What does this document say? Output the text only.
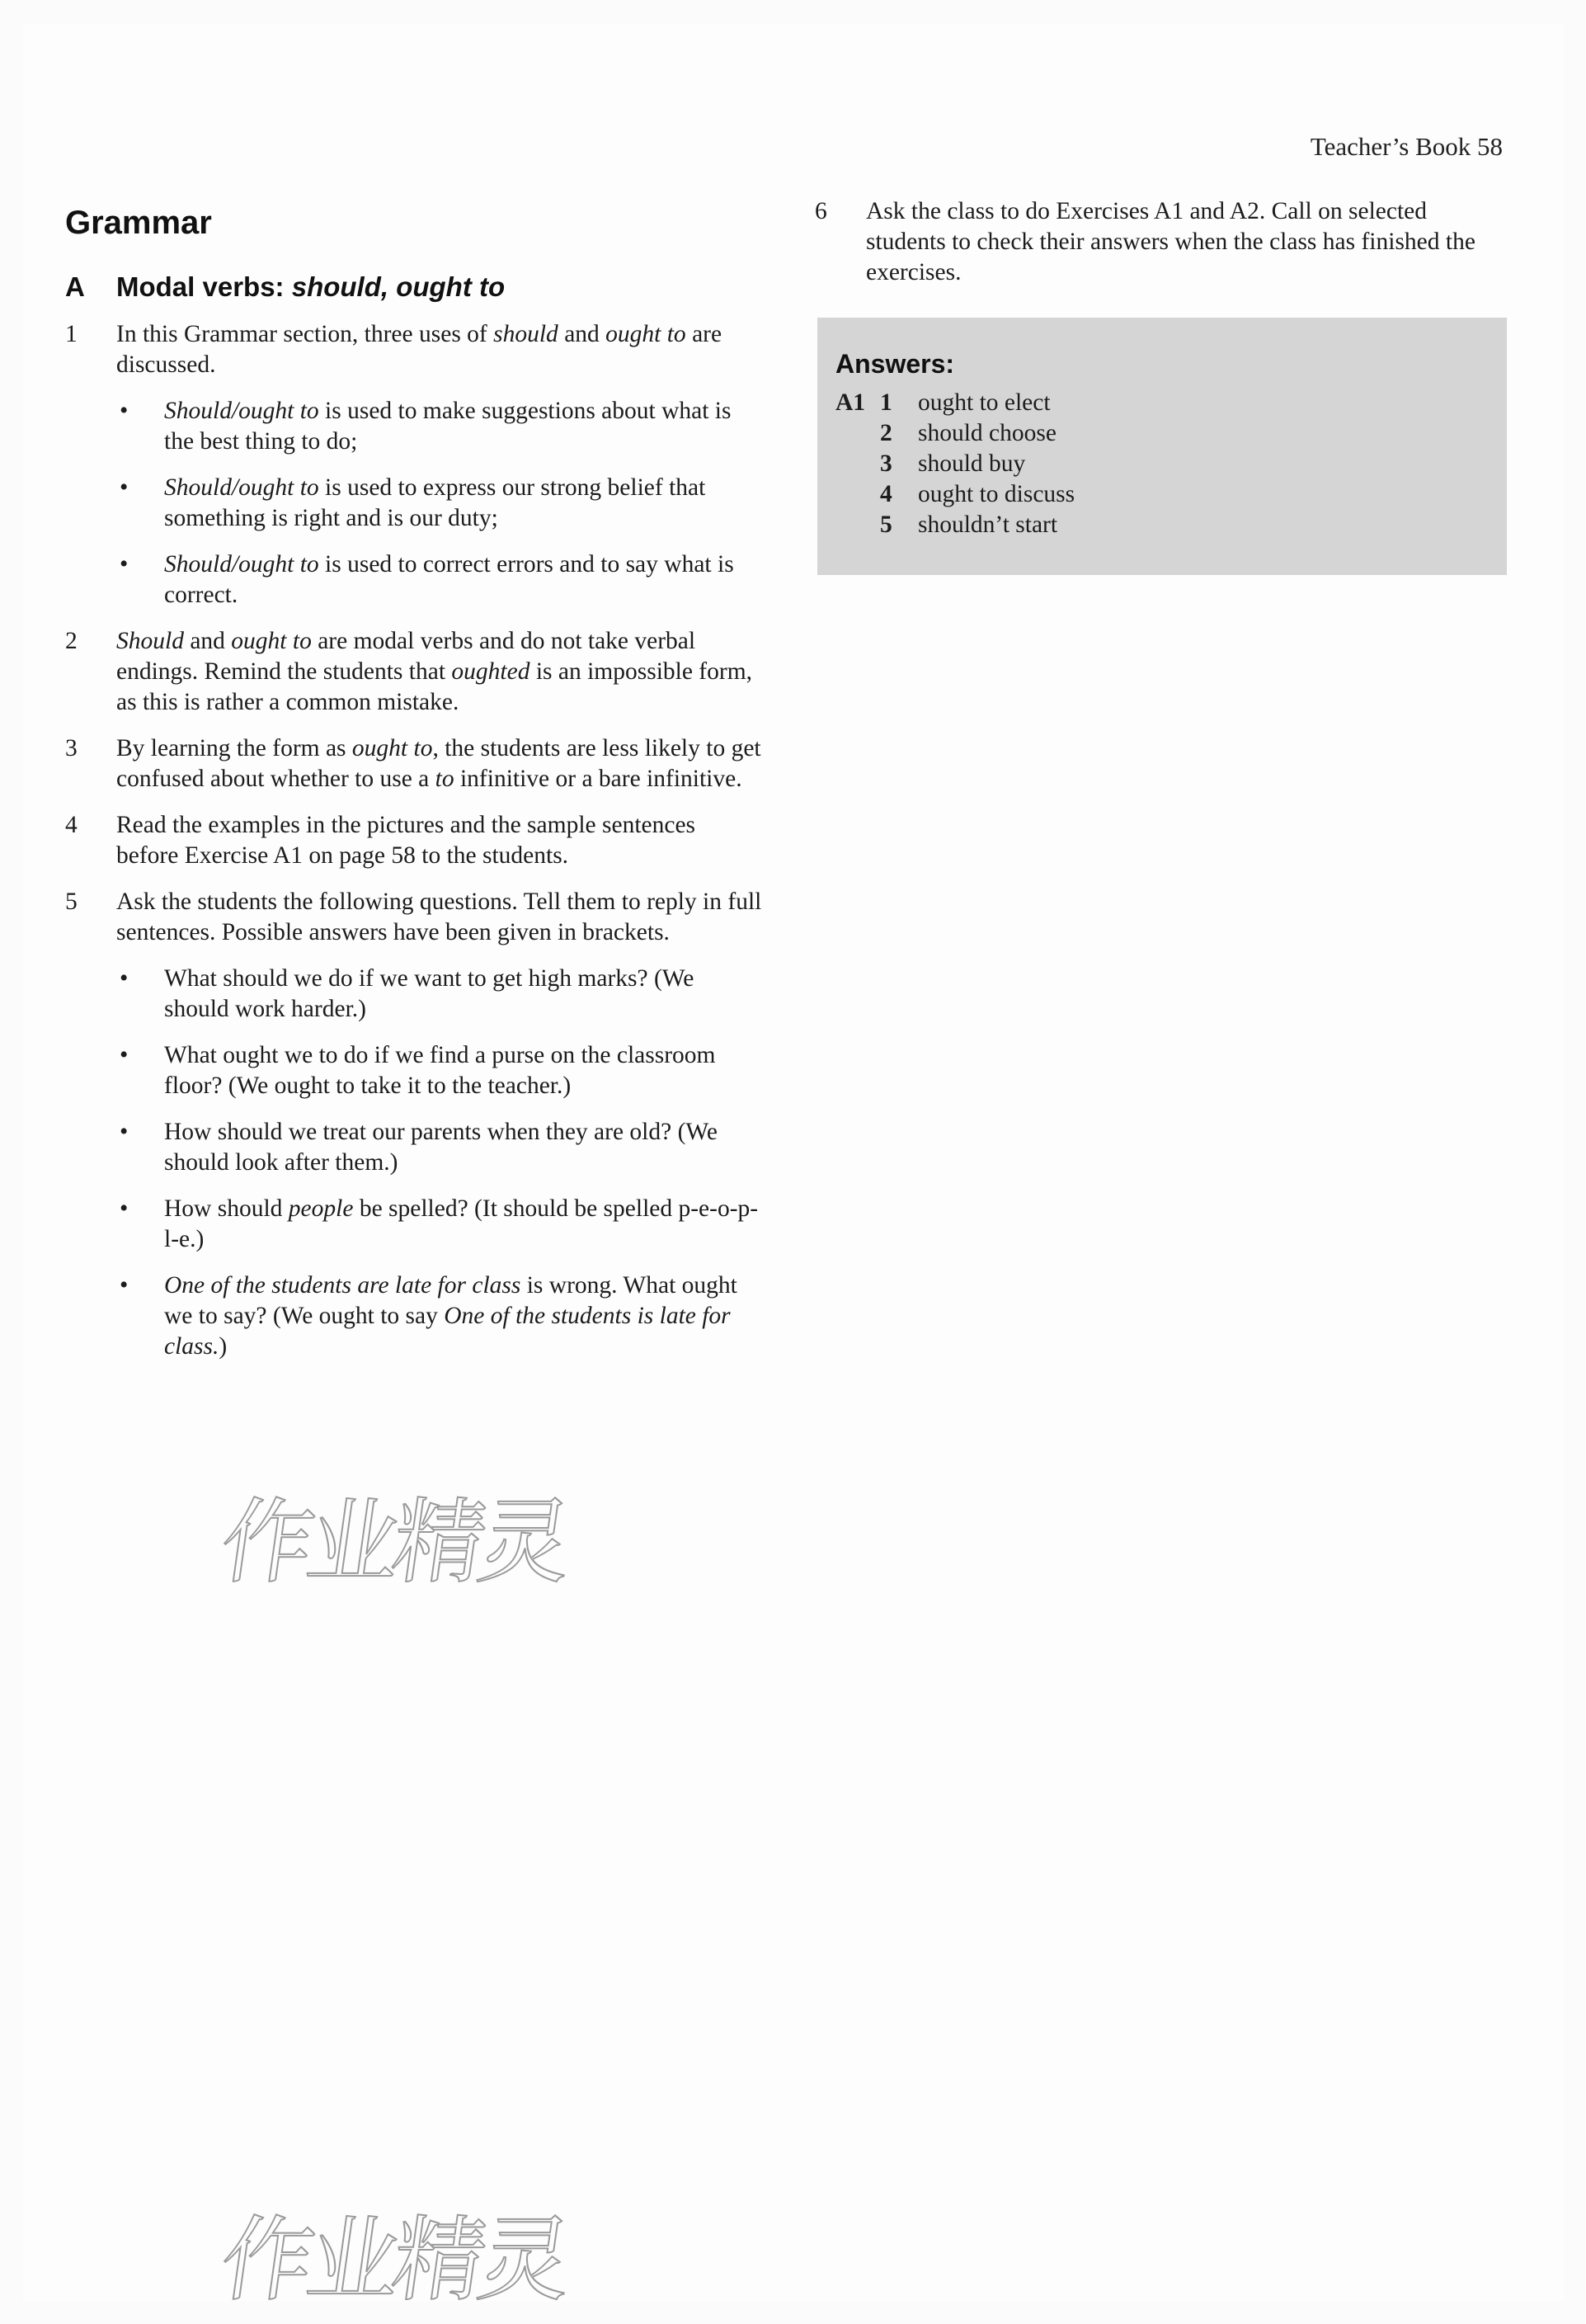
Teacher’s Book 58
Grammar
A	Modal verbs: should, ought to
1	In this Grammar section, three uses of should and ought to are discussed.
•	Should/ought to is used to make suggestions about what is the best thing to do;
•	Should/ought to is used to express our strong belief that something is right and is our duty;
•	Should/ought to is used to correct errors and to say what is correct.
2	Should and ought to are modal verbs and do not take verbal endings. Remind the students that oughted is an impossible form, as this is rather a common mistake.
3	By learning the form as ought to, the students are less likely to get confused about whether to use a to infinitive or a bare infinitive.
4	Read the examples in the pictures and the sample sentences before Exercise A1 on page 58 to the students.
5	Ask the students the following questions. Tell them to reply in full sentences. Possible answers have been given in brackets.
•	What should we do if we want to get high marks? (We should work harder.)
•	What ought we to do if we find a purse on the classroom floor? (We ought to take it to the teacher.)
•	How should we treat our parents when they are old? (We should look after them.)
•	How should people be spelled? (It should be spelled p-e-o-p-l-e.)
•	One of the students are late for class is wrong. What ought we to say? (We ought to say One of the students is late for class.)
6	Ask the class to do Exercises A1 and A2. Call on selected students to check their answers when the class has finished the exercises.
Answers:
A1 1	ought to elect
2	should choose
3	should buy
4	ought to discuss
5	shouldn’t start
作业精灵
作业精灵
